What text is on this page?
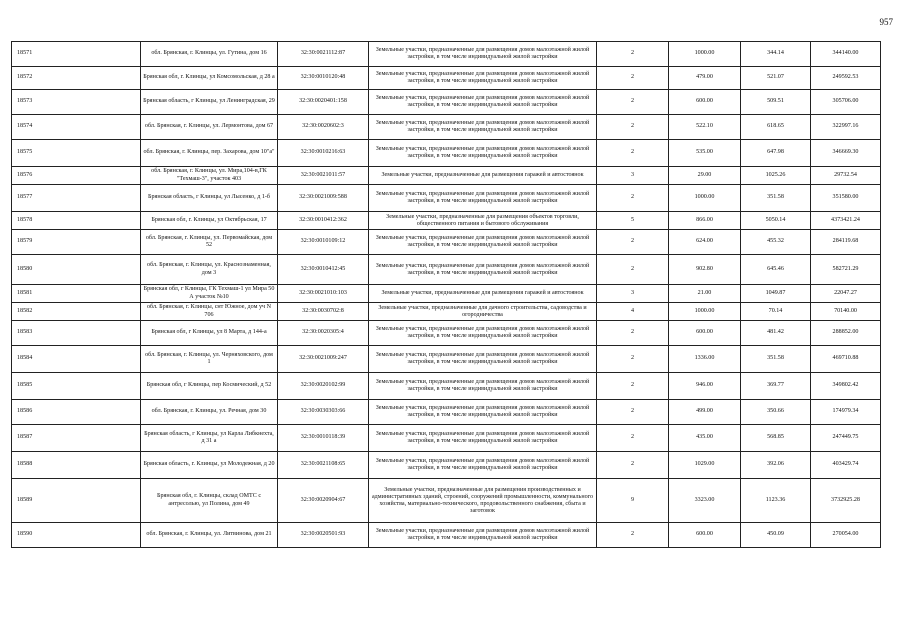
957
18571	обл. Брянская, г. Клинцы, ул. Гутина, дом 16	32:30:0021112:87	Земельные участки, предназначенные для размещения домов малоэтажной жилой застройки, в том числе индивидуальной жилой застройки	2	1000.00	344.14	344140.00
18572	Брянская обл, г. Клинцы, ул Комсомольская, д 28 а	32:30:0010120:48	Земельные участки, предназначенные для размещения домов малоэтажной жилой застройки, в том числе индивидуальной жилой застройки	2	479.00	521.07	249592.53
18573	Брянская область, г Клинцы, ул Ленинградская, 29	32:30:0020401:158	Земельные участки, предназначенные для размещения домов малоэтажной жилой застройки, в том числе индивидуальной жилой застройки	2	600.00	509.51	305706.00
18574	обл. Брянская, г. Клинцы, ул. Лермонтова, дом 67	32:30:0020602:3	Земельные участки, предназначенные для размещения домов малоэтажной жилой застройки, в том числе индивидуальной жилой застройки	2	522.10	618.65	322997.16
18575	обл. Брянская, г. Клинцы, пер. Захарова, дом 10"а"	32:30:0010216:63	Земельные участки, предназначенные для размещения домов малоэтажной жилой застройки, в том числе индивидуальной жилой застройки	2	535.00	647.98	346669.30
18576	обл. Брянская, г. Клинцы, ул. Мира,104-в,ГК "Техмаш-3", участок 403	32:30:0021011:57	Земельные участки, предназначенные для размещения гаражей и автостоянок	3	29.00	1025.26	29732.54
18577	Брянская область, г Клинцы, ул Лысенко, д 1-б	32:30:0021009:588	Земельные участки, предназначенные для размещения домов малоэтажной жилой застройки, в том числе индивидуальной жилой застройки	2	1000.00	351.58	351580.00
18578	Брянская обл, г. Клинцы, ул Октябрьская, 17	32:30:0010412:362	Земельные участки, предназначенные для размещения объектов торговли, общественного питания и бытового обслуживания	5	866.00	5050.14	4373421.24
18579	обл. Брянская, г. Клинцы, ул. Первомайская, дом 52	32:30:0010109:12	Земельные участки, предназначенные для размещения домов малоэтажной жилой застройки, в том числе индивидуальной жилой застройки	2	624.00	455.32	284119.68
18580	обл. Брянская, г. Клинцы, ул. Краснознаменная, дом 3	32:30:0010412:45	Земельные участки, предназначенные для размещения домов малоэтажной жилой застройки, в том числе индивидуальной жилой застройки	2	902.80	645.46	582721.29
18581	Брянская обл, г Клинцы, ГК Техмаш-1 ул Мира 50 А участок №10	32:30:0021010:103	Земельные участки, предназначенные для размещения гаражей и автостоянок	3	21.00	1049.87	22047.27
18582	обл. Брянская, г. Клинцы, снт Южное, дом уч N 706	32:30:0030702:8	Земельные участки, предназначенные для дачного строительства, садоводства и огородничества	4	1000.00	70.14	70140.00
18583	Брянская обл, г Клинцы, ул 8 Марта, д 144-а	32:30:0020305:4	Земельные участки, предназначенные для размещения домов малоэтажной жилой застройки, в том числе индивидуальной жилой застройки	2	600.00	481.42	288852.00
18584	обл. Брянская, г. Клинцы, ул. Черняховского, дом 1	32:30:0021009:247	Земельные участки, предназначенные для размещения домов малоэтажной жилой застройки, в том числе индивидуальной жилой застройки	2	1336.00	351.58	469710.88
18585	Брянская обл, г Клинцы, пер Космический, д 52	32:30:0020102:99	Земельные участки, предназначенные для размещения домов малоэтажной жилой застройки, в том числе индивидуальной жилой застройки	2	946.00	369.77	349802.42
18586	обл. Брянская, г. Клинцы, ул. Речная, дом 30	32:30:0030303:66	Земельные участки, предназначенные для размещения домов малоэтажной жилой застройки, в том числе индивидуальной жилой застройки	2	499.00	350.66	174979.34
18587	Брянская область, г Клинцы, ул Карла Либкнехта, д 31 а	32:30:0010118:39	Земельные участки, предназначенные для размещения домов малоэтажной жилой застройки, в том числе индивидуальной жилой застройки	2	435.00	568.85	247449.75
18588	Брянская область, г. Клинцы, ул Молодежная, д 20	32:30:0021108:65	Земельные участки, предназначенные для размещения домов малоэтажной жилой застройки, в том числе индивидуальной жилой застройки	2	1029.00	392.06	403429.74
18589	Брянская обл, г. Клинцы, склад ОМТС с антресолью, ул Полина, дом 49	32:30:0020904:67	Земельные участки, предназначенные для размещения производственных и административных зданий, строений, сооружений промышленности, коммунального хозяйства, материально-технического, продовольственного снабжения, сбыта и заготовок	9	3323.00	1123.36	3732925.28
18590	обл. Брянская, г. Клинцы, ул. Литвинова, дом 21	32:30:0020501:93	Земельные участки, предназначенные для размещения домов малоэтажной жилой застройки, в том числе индивидуальной жилой застройки	2	600.00	450.09	270054.00
